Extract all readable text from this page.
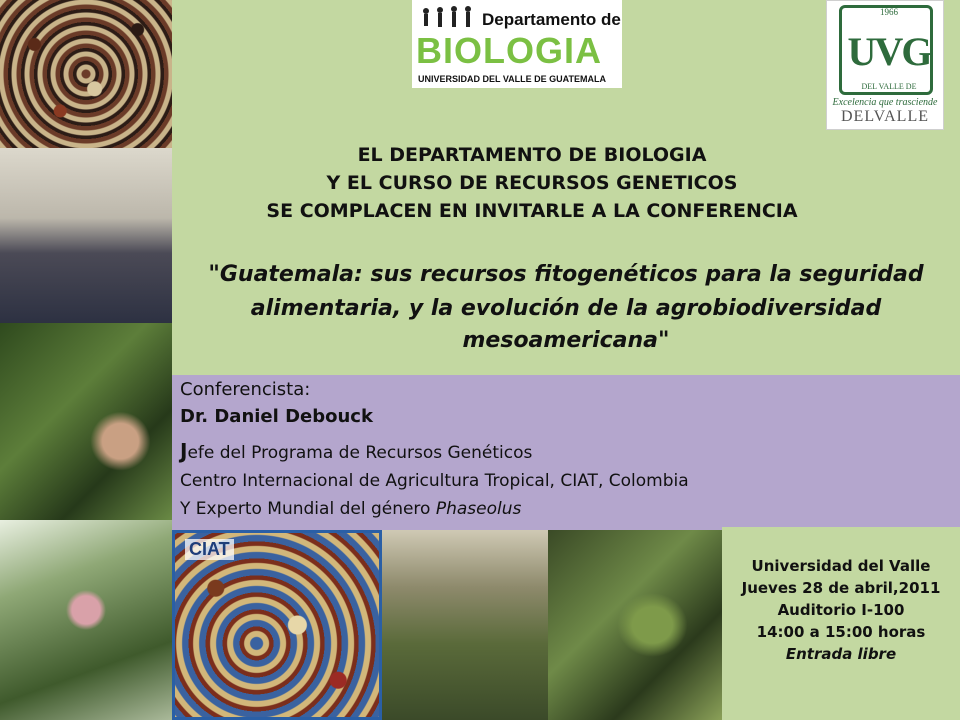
CIAT
Departamento de
BIOLOGIA
UNIVERSIDAD DEL VALLE DE GUATEMALA
1966
UVG
DEL VALLE DE
Excelencia que trasciende
DELVALLE
EL DEPARTAMENTO DE BIOLOGIA
Y EL CURSO DE RECURSOS GENETICOS
SE COMPLACEN EN INVITARLE A LA CONFERENCIA
"Guatemala: sus recursos fitogenéticos para la seguridad
alimentaria, y la evolución de la agrobiodiversidad
mesoamericana"
Conferencista:
Dr. Daniel Debouck
Jefe del Programa de Recursos Genéticos
Centro Internacional de Agricultura Tropical, CIAT, Colombia
Y Experto Mundial del género Phaseolus
Universidad del Valle
Jueves 28 de abril,2011
Auditorio I-100
14:00 a 15:00 horas
Entrada libre
